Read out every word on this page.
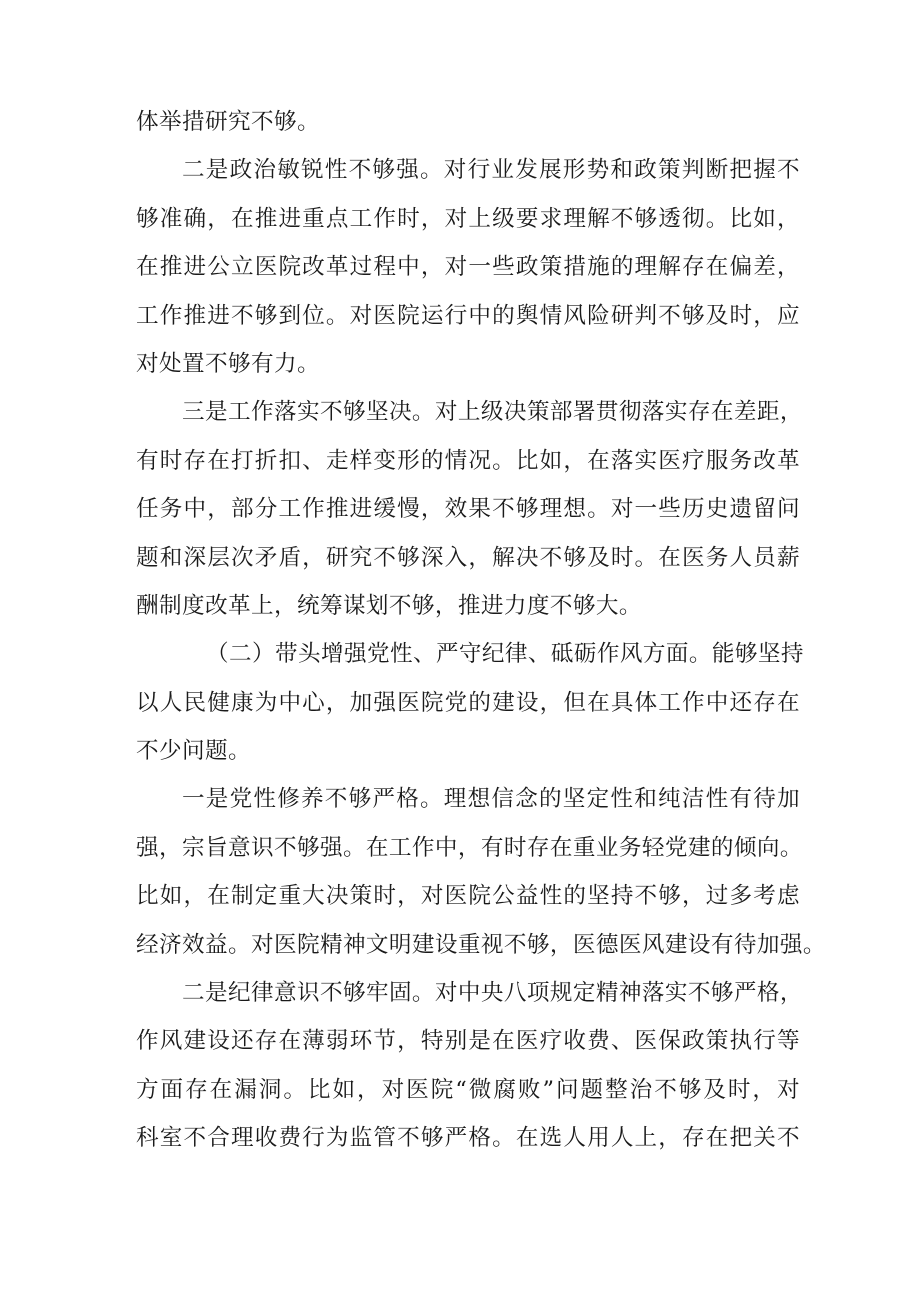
体举措研究不够。
二是政治敏锐性不够强。对行业发展形势和政策判断把握不
够准确，在推进重点工作时，对上级要求理解不够透彻。比如，
在推进公立医院改革过程中，对一些政策措施的理解存在偏差，
工作推进不够到位。对医院运行中的舆情风险研判不够及时，应
对处置不够有力。
三是工作落实不够坚决。对上级决策部署贯彻落实存在差距，
有时存在打折扣、走样变形的情况。比如，在落实医疗服务改革
任务中，部分工作推进缓慢，效果不够理想。对一些历史遗留问
题和深层次矛盾，研究不够深入，解决不够及时。在医务人员薪
酬制度改革上，统筹谋划不够，推进力度不够大。
（二）带头增强党性、严守纪律、砥砺作风方面。能够坚持
以人民健康为中心，加强医院党的建设，但在具体工作中还存在
不少问题。
一是党性修养不够严格。理想信念的坚定性和纯洁性有待加
强，宗旨意识不够强。在工作中，有时存在重业务轻党建的倾向。
比如，在制定重大决策时，对医院公益性的坚持不够，过多考虑
经济效益。对医院精神文明建设重视不够，医德医风建设有待加强。
二是纪律意识不够牢固。对中央八项规定精神落实不够严格，
作风建设还存在薄弱环节，特别是在医疗收费、医保政策执行等
方面存在漏洞。比如，对医院“微腐败”问题整治不够及时，对
科室不合理收费行为监管不够严格。在选人用人上，存在把关不
